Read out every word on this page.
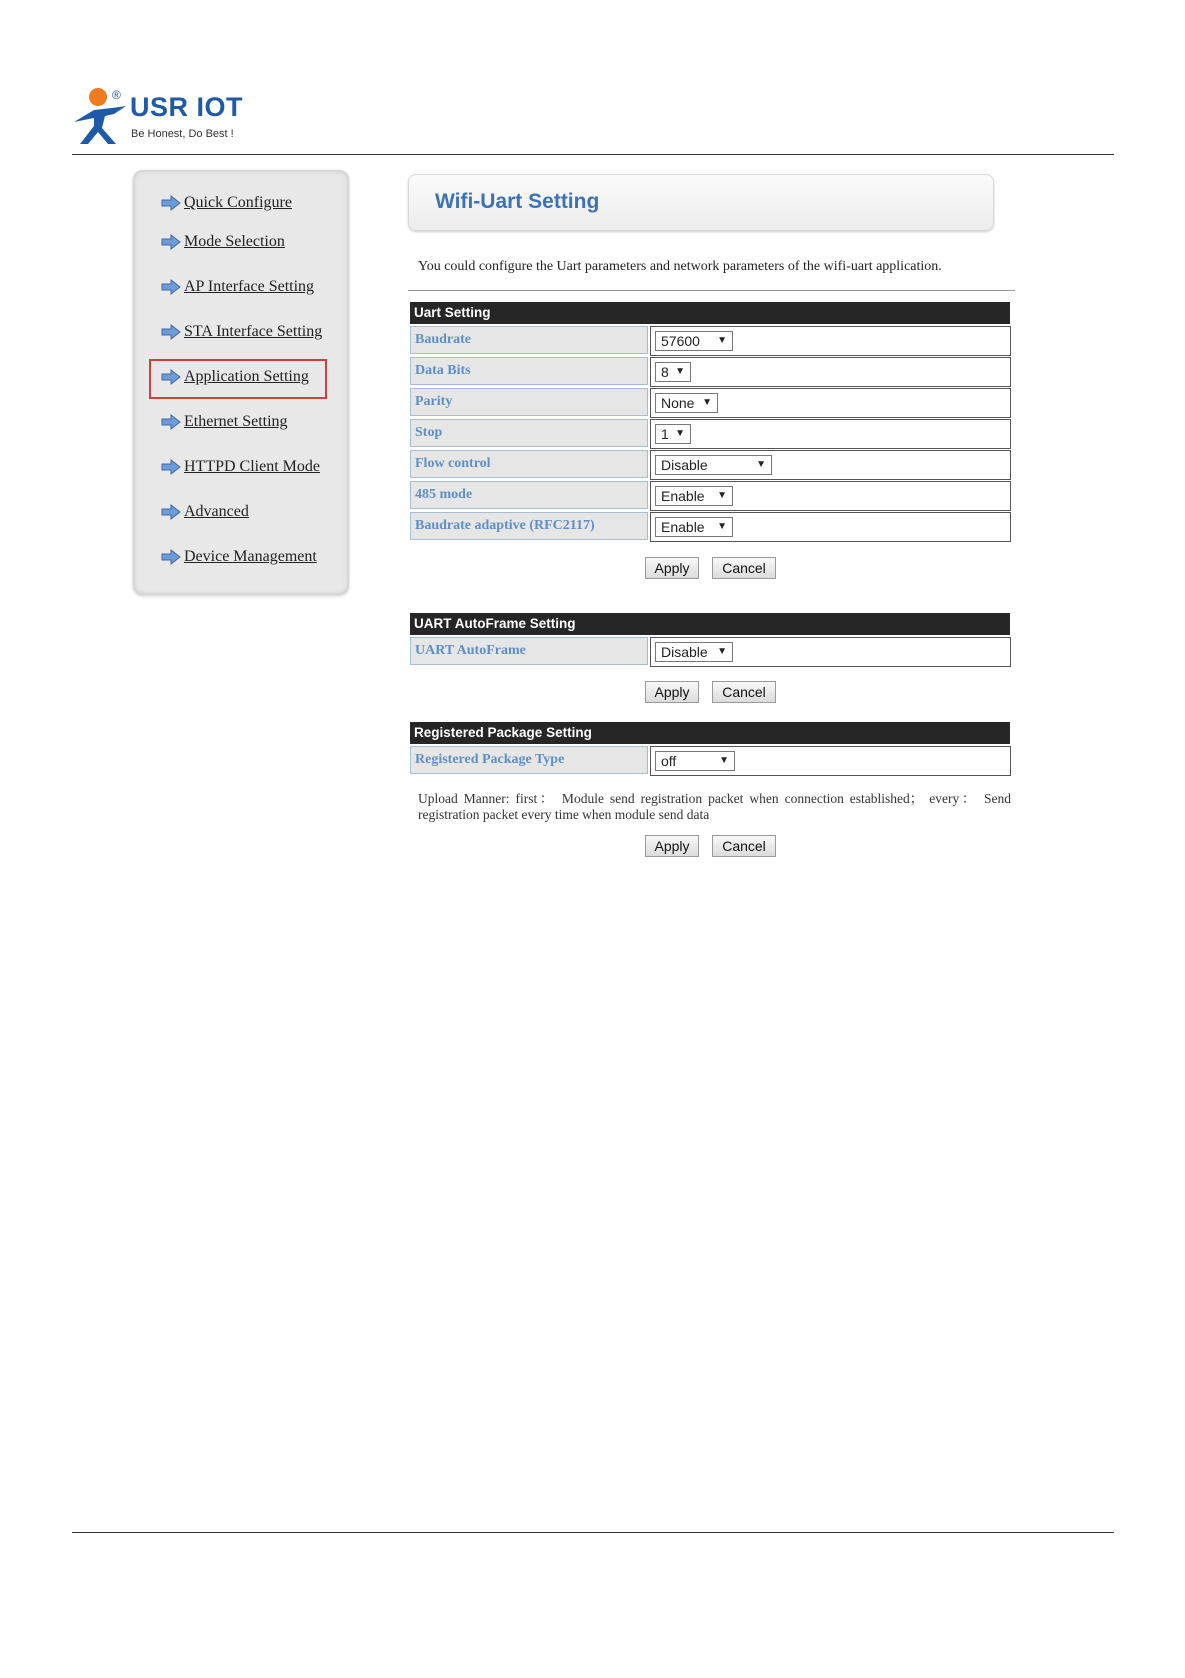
® USR IOT
Be Honest, Do Best !
Quick Configure
Mode Selection
AP Interface Setting
STA Interface Setting
Application Setting
Ethernet Setting
HTTPD Client Mode
Advanced
Device Management
Wifi-Uart Setting
You could configure the Uart parameters and network parameters of the wifi-uart application.
Uart Setting
Baudrate	57600 ▼
Data Bits	8 ▼
Parity	None ▼
Stop	1 ▼
Flow control	Disable	▼
485 mode	Enable ▼
Baudrate adaptive (RFC2117)	Enable ▼
Apply	Cancel
UART AutoFrame Setting
UART AutoFrame	Disable ▼
Apply	Cancel
Registered Package Setting
Registered Package Type	off	▼
Upload Manner: first： Module send registration packet when connection established； every： Send registration packet every time when module send data
Apply	Cancel
